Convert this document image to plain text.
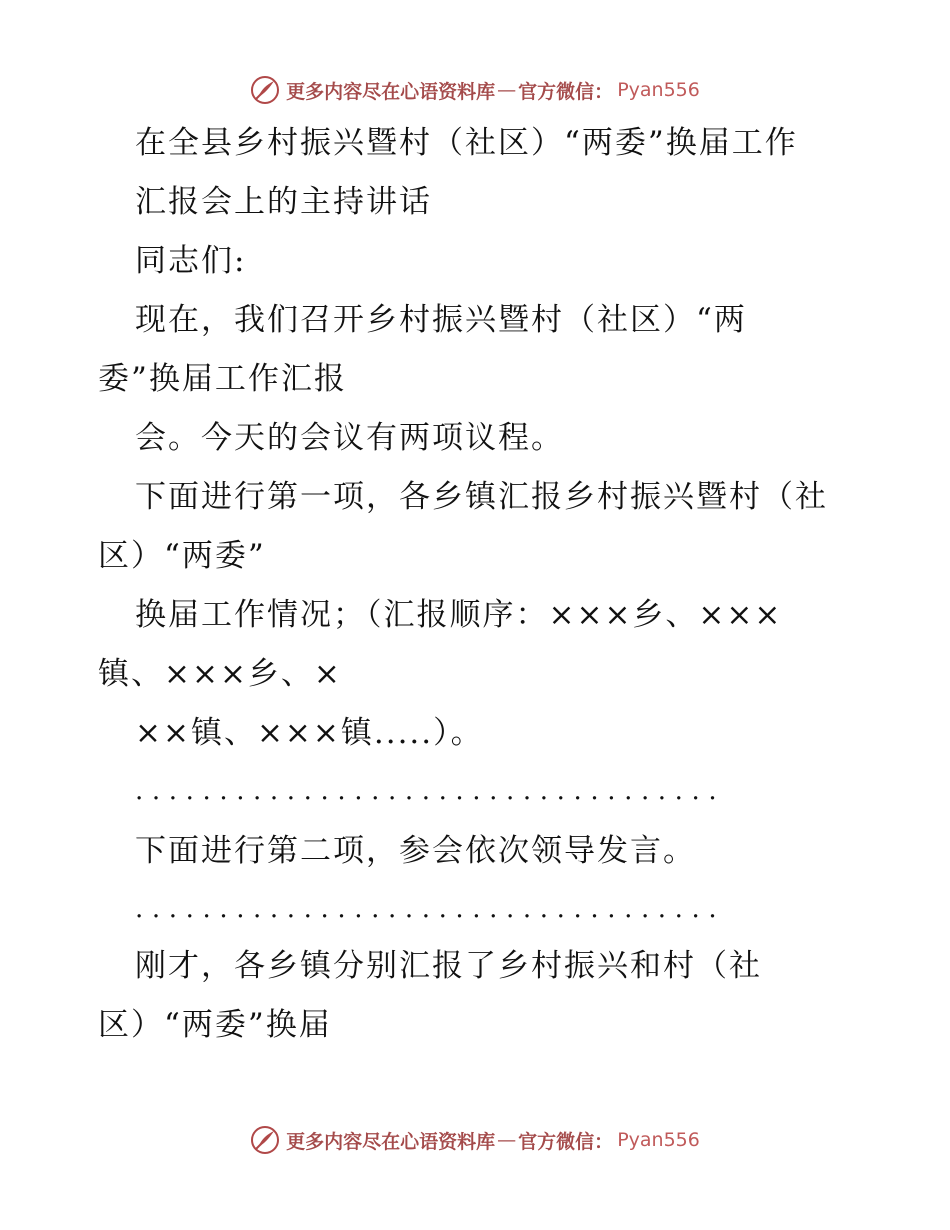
更多内容尽在心语资料库 — 官方微信： Pyan556
在全县乡村振兴暨村（社区）“两委”换届工作
汇报会上的主持讲话
同志们:
现在，我们召开乡村振兴暨村（社区）“两
委”换届工作汇报
会。今天的会议有两项议程。
下面进行第一项，各乡镇汇报乡村振兴暨村（社
区）“两委”
换届工作情况；（汇报顺序：×××乡、×××
镇、×××乡、×
××镇、×××镇.....）。
...................................
下面进行第二项，参会依次领导发言。
...................................
刚才，各乡镇分别汇报了乡村振兴和村（社
区）“两委”换届
更多内容尽在心语资料库 — 官方微信： Pyan556
